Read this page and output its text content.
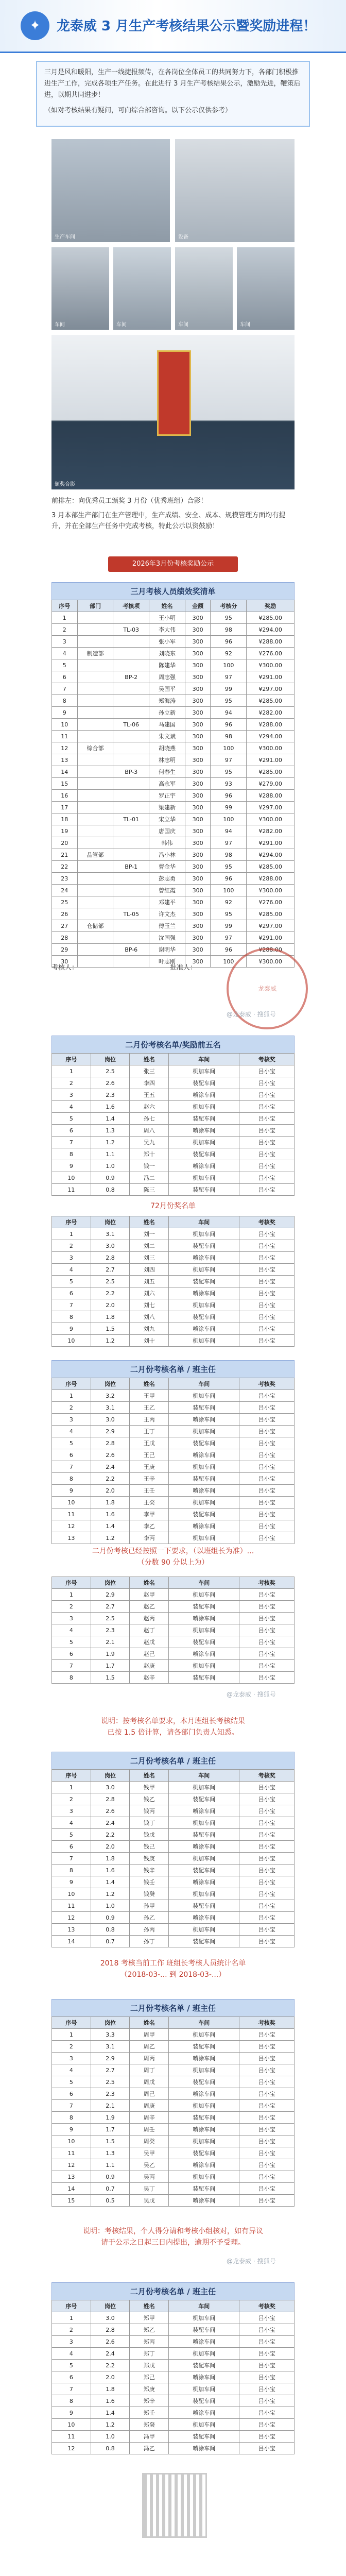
✦	龙泰威 3 月生产考核结果公示暨奖励进程！
三月是风和暖阳，生产一线捷报频传，在各岗位全体员工的共同努力下，各部门积极推进生产工作，完成各项生产任务。在此进行 3 月生产考核结果公示，激励先进，鞭策后进，以期共同进步！
（如对考核结果有疑问，可向综合部咨询。以下公示仅供参考）
生产车间	设备
车间	车间	车间	车间
颁奖合影
前排左：向优秀员工颁奖 3 月份（优秀班组）合影！
3 月本部生产部门在生产管理中，生产成绩、安全、成本、规模管理方面均有提升，并在全部生产任务中完成考核，特此公示以资鼓励！
2026年3月份考核奖励公示
三月考核人员绩效奖清单
序号	部门	考核项	姓名	金额	考核分	奖励
1			王小明	300	95	¥285.00
2		TL-03	李大伟	300	98	¥294.00
3			张小军	300	96	¥288.00
4	制造部		刘晓东	300	92	¥276.00
5			陈建华	300	100	¥300.00
6		BP-2	周志强	300	97	¥291.00
7			吴国平	300	99	¥297.00
8			郑海涛	300	95	¥285.00
9			孙立新	300	94	¥282.00
10		TL-06	马建国	300	96	¥288.00
11			朱文斌	300	98	¥294.00
12	综合部		胡晓燕	300	100	¥300.00
13			林志明	300	97	¥291.00
14		BP-3	何春生	300	95	¥285.00
15			高永军	300	93	¥279.00
16			罗正宇	300	96	¥288.00
17			梁建新	300	99	¥297.00
18		TL-01	宋立华	300	100	¥300.00
19			唐国庆	300	94	¥282.00
20			韩伟	300	97	¥291.00
21	品管部		冯小林	300	98	¥294.00
22		BP-1	曹金华	300	95	¥285.00
23			彭志勇	300	96	¥288.00
24			曾红霞	300	100	¥300.00
25			邓建平	300	92	¥276.00
26		TL-05	许文杰	300	95	¥285.00
27	仓储部		傅玉兰	300	99	¥297.00
28			沈国强	300	97	¥291.00
29		BP-6	谢明华	300	96	¥288.00
30			叶志刚	300	100	¥300.00
考核人：	批准人：
龙泰威
@龙泰威 · 搜狐号
二月份考核名单/奖励前五名
序号	岗位	姓名	车间	考核奖
1	2.5	张三	机加车间	吕小宝
2	2.6	李四	装配车间	吕小宝
3	2.3	王五	喷涂车间	吕小宝
4	1.6	赵六	机加车间	吕小宝
5	1.4	孙七	装配车间	吕小宝
6	1.3	周八	喷涂车间	吕小宝
7	1.2	吴九	机加车间	吕小宝
8	1.1	郑十	装配车间	吕小宝
9	1.0	钱一	喷涂车间	吕小宝
10	0.9	冯二	机加车间	吕小宝
11	0.8	陈三	装配车间	吕小宝
72月份奖名单
序号	岗位	姓名	车间	考核奖
1	3.1	刘一	机加车间	吕小宝
2	3.0	刘二	装配车间	吕小宝
3	2.8	刘三	喷涂车间	吕小宝
4	2.7	刘四	机加车间	吕小宝
5	2.5	刘五	装配车间	吕小宝
6	2.2	刘六	喷涂车间	吕小宝
7	2.0	刘七	机加车间	吕小宝
8	1.8	刘八	装配车间	吕小宝
9	1.5	刘九	喷涂车间	吕小宝
10	1.2	刘十	机加车间	吕小宝
二月份考核名单 / 班主任
序号	岗位	姓名	车间	考核奖
1	3.2	王甲	机加车间	吕小宝
2	3.1	王乙	装配车间	吕小宝
3	3.0	王丙	喷涂车间	吕小宝
4	2.9	王丁	机加车间	吕小宝
5	2.8	王戊	装配车间	吕小宝
6	2.6	王己	喷涂车间	吕小宝
7	2.4	王庚	机加车间	吕小宝
8	2.2	王辛	装配车间	吕小宝
9	2.0	王壬	喷涂车间	吕小宝
10	1.8	王癸	机加车间	吕小宝
11	1.6	李甲	装配车间	吕小宝
12	1.4	李乙	喷涂车间	吕小宝
13	1.2	李丙	机加车间	吕小宝
二月份考核已经按照一下要求，（以班组长为准）...
（分数 90 分以上为）
序号	岗位	姓名	车间	考核奖
1	2.9	赵甲	机加车间	吕小宝
2	2.7	赵乙	装配车间	吕小宝
3	2.5	赵丙	喷涂车间	吕小宝
4	2.3	赵丁	机加车间	吕小宝
5	2.1	赵戊	装配车间	吕小宝
6	1.9	赵己	喷涂车间	吕小宝
7	1.7	赵庚	机加车间	吕小宝
8	1.5	赵辛	装配车间	吕小宝
@龙泰威 · 搜狐号
说明：按考核名单要求，本月班组长考核结果
已按 1.5 倍计算，请各部门负责人知悉。
二月份考核名单 / 班主任
序号	岗位	姓名	车间	考核奖
1	3.0	钱甲	机加车间	吕小宝
2	2.8	钱乙	装配车间	吕小宝
3	2.6	钱丙	喷涂车间	吕小宝
4	2.4	钱丁	机加车间	吕小宝
5	2.2	钱戊	装配车间	吕小宝
6	2.0	钱己	喷涂车间	吕小宝
7	1.8	钱庚	机加车间	吕小宝
8	1.6	钱辛	装配车间	吕小宝
9	1.4	钱壬	喷涂车间	吕小宝
10	1.2	钱癸	机加车间	吕小宝
11	1.0	孙甲	装配车间	吕小宝
12	0.9	孙乙	喷涂车间	吕小宝
13	0.8	孙丙	机加车间	吕小宝
14	0.7	孙丁	装配车间	吕小宝
2018 考核当前工作 班组长考核人员统计名单
（2018-03-... 到 2018-03-...）
二月份考核名单 / 班主任
序号	岗位	姓名	车间	考核奖
1	3.3	周甲	机加车间	吕小宝
2	3.1	周乙	装配车间	吕小宝
3	2.9	周丙	喷涂车间	吕小宝
4	2.7	周丁	机加车间	吕小宝
5	2.5	周戊	装配车间	吕小宝
6	2.3	周己	喷涂车间	吕小宝
7	2.1	周庚	机加车间	吕小宝
8	1.9	周辛	装配车间	吕小宝
9	1.7	周壬	喷涂车间	吕小宝
10	1.5	周癸	机加车间	吕小宝
11	1.3	吴甲	装配车间	吕小宝
12	1.1	吴乙	喷涂车间	吕小宝
13	0.9	吴丙	机加车间	吕小宝
14	0.7	吴丁	装配车间	吕小宝
15	0.5	吴戊	喷涂车间	吕小宝
说明：考核结果，个人得分请和考核小组核对，如有异议
请于公示之日起三日内提出，逾期不予受理。
@龙泰威 · 搜狐号
二月份考核名单 / 班主任
序号	岗位	姓名	车间	考核奖
1	3.0	郑甲	机加车间	吕小宝
2	2.8	郑乙	装配车间	吕小宝
3	2.6	郑丙	喷涂车间	吕小宝
4	2.4	郑丁	机加车间	吕小宝
5	2.2	郑戊	装配车间	吕小宝
6	2.0	郑己	喷涂车间	吕小宝
7	1.8	郑庚	机加车间	吕小宝
8	1.6	郑辛	装配车间	吕小宝
9	1.4	郑壬	喷涂车间	吕小宝
10	1.2	郑癸	机加车间	吕小宝
11	1.0	冯甲	装配车间	吕小宝
12	0.8	冯乙	喷涂车间	吕小宝
